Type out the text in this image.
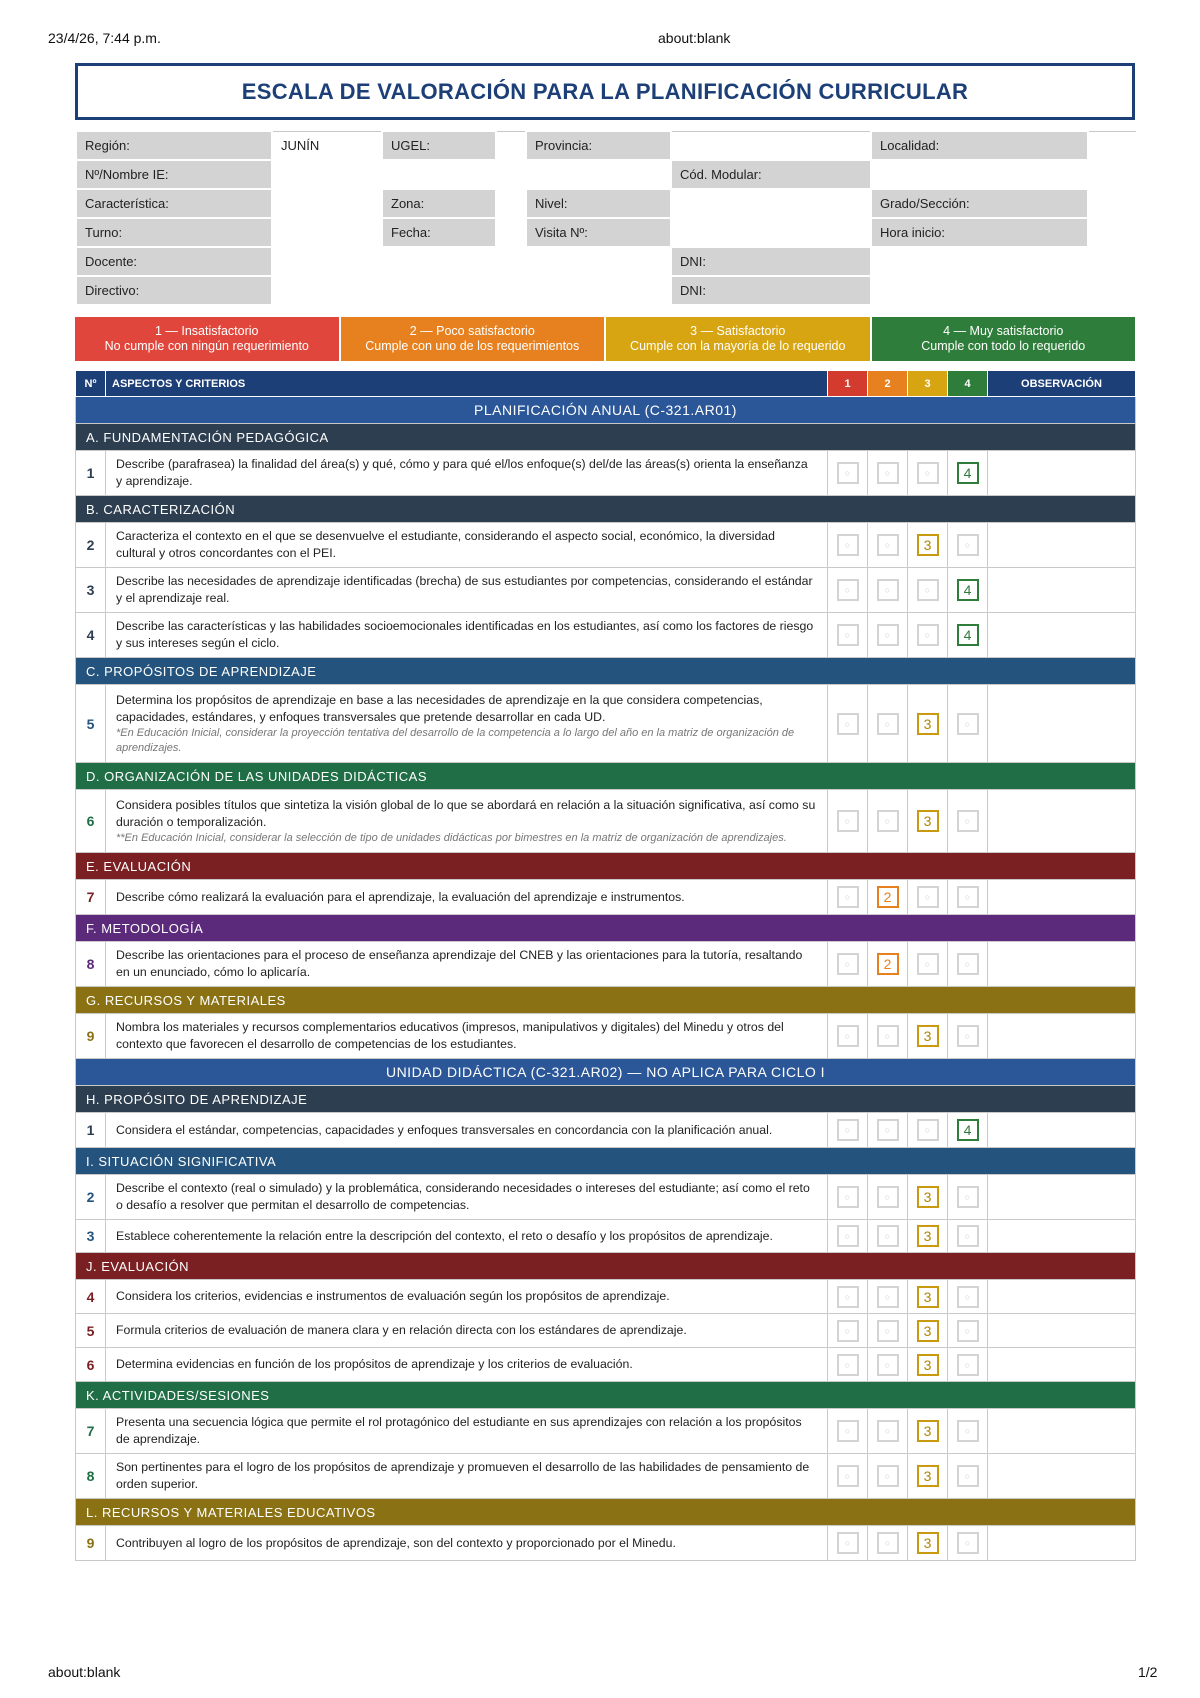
23/4/26, 7:44 p.m.	about:blank
ESCALA DE VALORACIÓN PARA LA PLANIFICACIÓN CURRICULAR
Región:	JUNÍN	UGEL:		Provincia:		Localidad:	
Nº/Nombre IE:					Cód. Modular:		
Característica:		Zona:		Nivel:		Grado/Sección:	
Turno:		Fecha:		Visita Nº:		Hora inicio:	
Docente:					DNI:		
Directivo:					DNI:		
1 — Insatisfactorio
No cumple con ningún requerimiento
2 — Poco satisfactorio
Cumple con uno de los requerimientos
3 — Satisfactorio
Cumple con la mayoría de lo requerido
4 — Muy satisfactorio
Cumple con todo lo requerido
Nº	ASPECTOS Y CRITERIOS	1	2	3	4	OBSERVACIÓN
PLANIFICACIÓN ANUAL (C-321.AR01)						
A. FUNDAMENTACIÓN PEDAGÓGICA						
1	Describe (parafrasea) la finalidad del área(s) y qué, cómo y para qué el/los enfoque(s) del/de las áreas(s) orienta la enseñanza y aprendizaje.	○	○	○	4	
B. CARACTERIZACIÓN						
2	Caracteriza el contexto en el que se desenvuelve el estudiante, considerando el aspecto social, económico, la diversidad cultural y otros concordantes con el PEI.	○	○	3	○	
3	Describe las necesidades de aprendizaje identificadas (brecha) de sus estudiantes por competencias, considerando el estándar y el aprendizaje real.	○	○	○	4	
4	Describe las características y las habilidades socioemocionales identificadas en los estudiantes, así como los factores de riesgo y sus intereses según el ciclo.	○	○	○	4	
C. PROPÓSITOS DE APRENDIZAJE						
5	Determina los propósitos de aprendizaje en base a las necesidades de aprendizaje en la que considera competencias, capacidades, estándares, y enfoques transversales que pretende desarrollar en cada UD.
*En Educación Inicial, considerar la proyección tentativa del desarrollo de la competencia a lo largo del año en la matriz de organización de aprendizajes.	○	○	3	○	
D. ORGANIZACIÓN DE LAS UNIDADES DIDÁCTICAS						
6	Considera posibles títulos que sintetiza la visión global de lo que se abordará en relación a la situación significativa, así como su duración o temporalización.
**En Educación Inicial, considerar la selección de tipo de unidades didácticas por bimestres en la matriz de organización de aprendizajes.	○	○	3	○	
E. EVALUACIÓN						
7	Describe cómo realizará la evaluación para el aprendizaje, la evaluación del aprendizaje e instrumentos.	○	2	○	○	
F. METODOLOGÍA						
8	Describe las orientaciones para el proceso de enseñanza aprendizaje del CNEB y las orientaciones para la tutoría, resaltando en un enunciado, cómo lo aplicaría.	○	2	○	○	
G. RECURSOS Y MATERIALES						
9	Nombra los materiales y recursos complementarios educativos (impresos, manipulativos y digitales) del Minedu y otros del contexto que favorecen el desarrollo de competencias de los estudiantes.	○	○	3	○	
UNIDAD DIDÁCTICA (C-321.AR02) — NO APLICA PARA CICLO I						
H. PROPÓSITO DE APRENDIZAJE						
1	Considera el estándar, competencias, capacidades y enfoques transversales en concordancia con la planificación anual.	○	○	○	4	
I. SITUACIÓN SIGNIFICATIVA						
2	Describe el contexto (real o simulado) y la problemática, considerando necesidades o intereses del estudiante; así como el reto o desafío a resolver que permitan el desarrollo de competencias.	○	○	3	○	
3	Establece coherentemente la relación entre la descripción del contexto, el reto o desafío y los propósitos de aprendizaje.	○	○	3	○	
J. EVALUACIÓN						
4	Considera los criterios, evidencias e instrumentos de evaluación según los propósitos de aprendizaje.	○	○	3	○	
5	Formula criterios de evaluación de manera clara y en relación directa con los estándares de aprendizaje.	○	○	3	○	
6	Determina evidencias en función de los propósitos de aprendizaje y los criterios de evaluación.	○	○	3	○	
K. ACTIVIDADES/SESIONES						
7	Presenta una secuencia lógica que permite el rol protagónico del estudiante en sus aprendizajes con relación a los propósitos de aprendizaje.	○	○	3	○	
8	Son pertinentes para el logro de los propósitos de aprendizaje y promueven el desarrollo de las habilidades de pensamiento de orden superior.	○	○	3	○	
L. RECURSOS Y MATERIALES EDUCATIVOS						
9	Contribuyen al logro de los propósitos de aprendizaje, son del contexto y proporcionado por el Minedu.	○	○	3	○	
about:blank	1/2
